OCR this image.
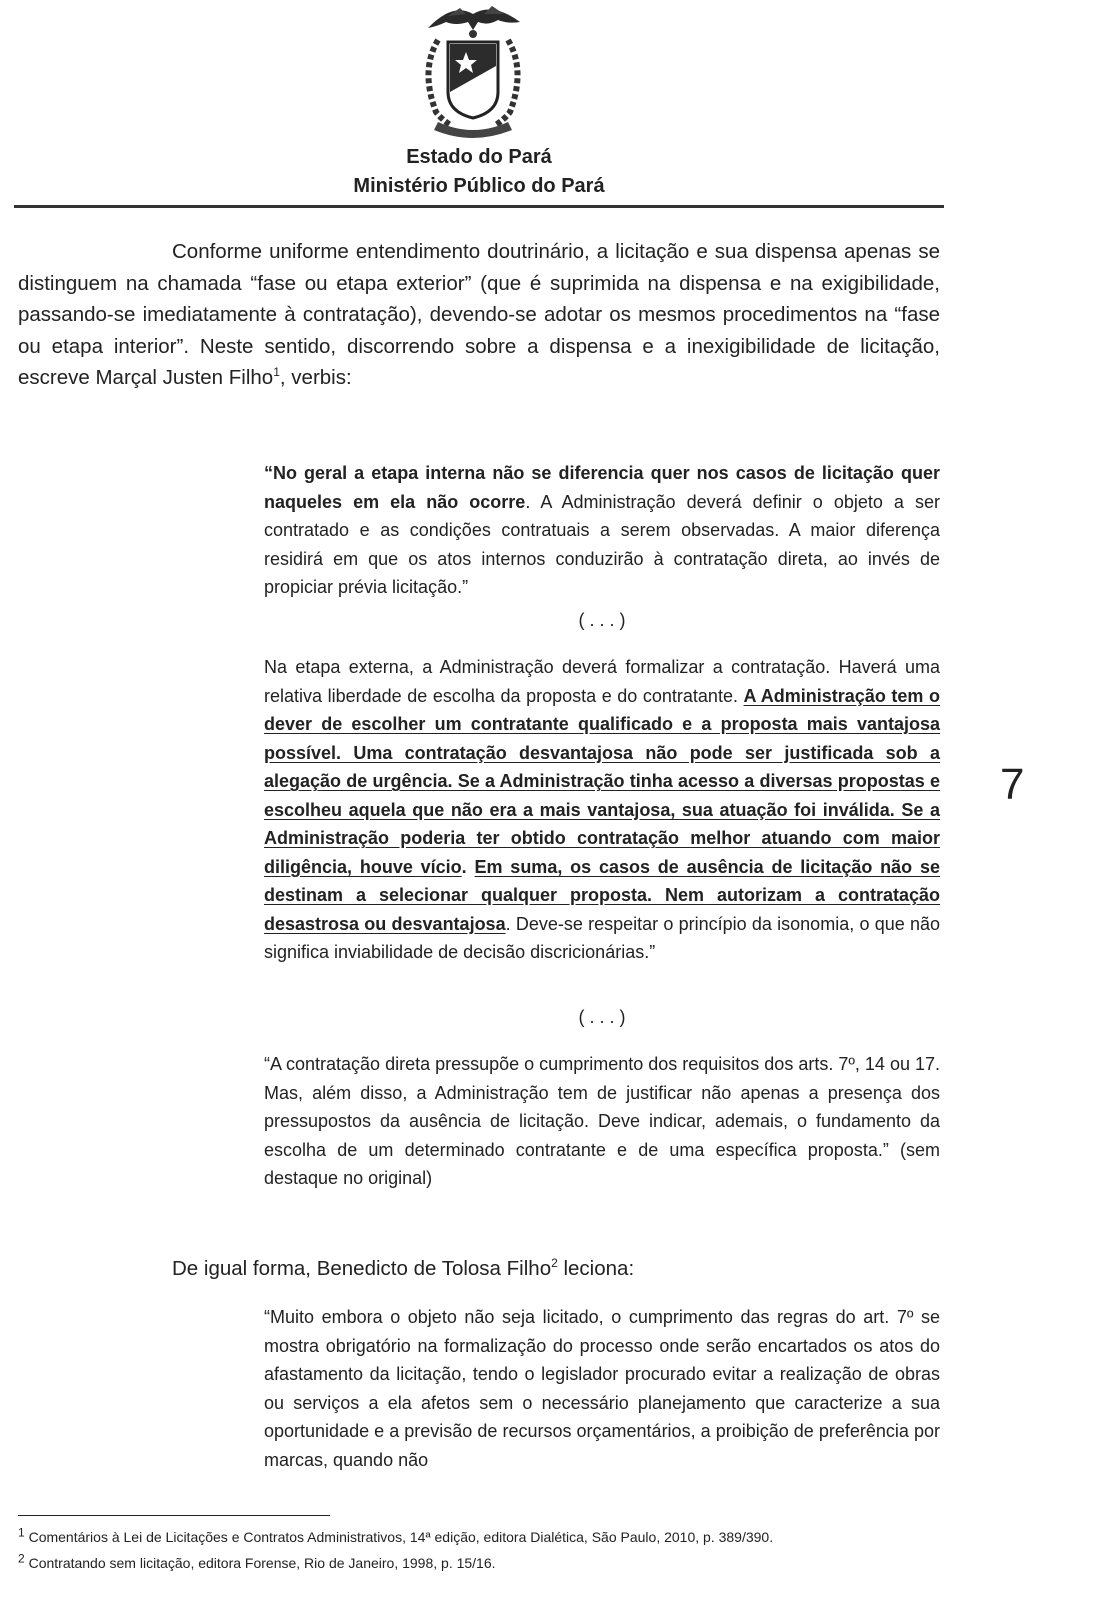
Estado do Pará
Ministério Público do Pará
Conforme uniforme entendimento doutrinário, a licitação e sua dispensa apenas se distinguem na chamada “fase ou etapa exterior” (que é suprimida na dispensa e na exigibilidade, passando-se imediatamente à contratação), devendo-se adotar os mesmos procedimentos na “fase ou etapa interior”. Neste sentido, discorrendo sobre a dispensa e a inexigibilidade de licitação, escreve Marçal Justen Filho$^1$, verbis:
“No geral a etapa interna não se diferencia quer nos casos de licitação quer naqueles em ela não ocorre. A Administração deverá definir o objeto a ser contratado e as condições contratuais a serem observadas. A maior diferença residirá em que os atos internos conduzirão à contratação direta, ao invés de propiciar prévia licitação.”
( . . . )
Na etapa externa, a Administração deverá formalizar a contratação. Haverá uma relativa liberdade de escolha da proposta e do contratante. A Administração tem o dever de escolher um contratante qualificado e a proposta mais vantajosa possível. Uma contratação desvantajosa não pode ser justificada sob a alegação de urgência. Se a Administração tinha acesso a diversas propostas e escolheu aquela que não era a mais vantajosa, sua atuação foi inválida. Se a Administração poderia ter obtido contratação melhor atuando com maior diligência, houve vício. Em suma, os casos de ausência de licitação não se destinam a selecionar qualquer proposta. Nem autorizam a contratação desastrosa ou desvantajosa. Deve-se respeitar o princípio da isonomia, o que não significa inviabilidade de decisão discricionárias.”
7
( . . . )
“A contratação direta pressupõe o cumprimento dos requisitos dos arts. 7º, 14 ou 17. Mas, além disso, a Administração tem de justificar não apenas a presença dos pressupostos da ausência de licitação. Deve indicar, ademais, o fundamento da escolha de um determinado contratante e de uma específica proposta.” (sem destaque no original)
De igual forma, Benedicto de Tolosa Filho$^2$ leciona:
“Muito embora o objeto não seja licitado, o cumprimento das regras do art. 7º se mostra obrigatório na formalização do processo onde serão encartados os atos do afastamento da licitação, tendo o legislador procurado evitar a realização de obras ou serviços a ela afetos sem o necessário planejamento que caracterize a sua oportunidade e a previsão de recursos orçamentários, a proibição de preferência por marcas, quando não
$^1$ Comentários à Lei de Licitações e Contratos Administrativos, 14ª edição, editora Dialética, São Paulo, 2010, p. 389/390.
$^2$ Contratando sem licitação, editora Forense, Rio de Janeiro, 1998, p. 15/16.
